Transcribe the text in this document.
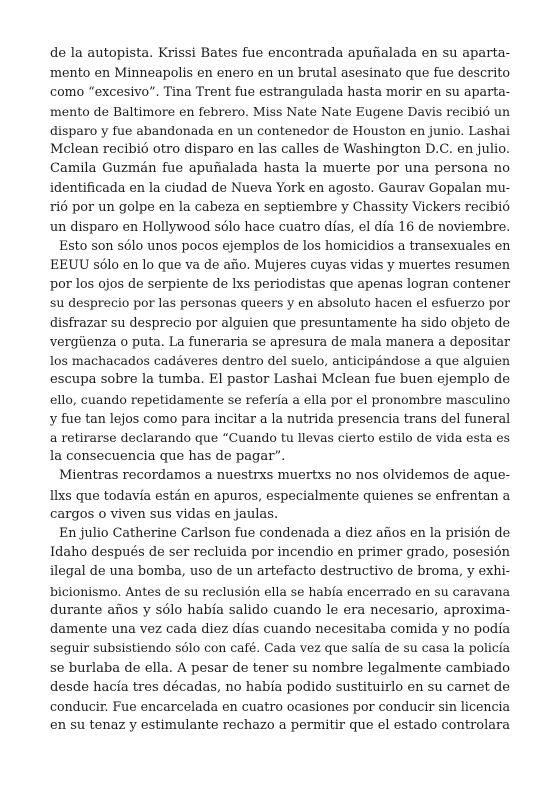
de la autopista. Krissi Bates fue encontrada apuñalada en su aparta-
mento en Minneapolis en enero en un brutal asesinato que fue descrito
como “excesivo”. Tina Trent fue estrangulada hasta morir en su aparta-
mento de Baltimore en febrero. Miss Nate Nate Eugene Davis recibió un
disparo y fue abandonada en un contenedor de Houston en junio. Lashai
Mclean recibió otro disparo en las calles de Washington D.C. en julio.
Camila Guzmán fue apuñalada hasta la muerte por una persona no
identificada en la ciudad de Nueva York en agosto. Gaurav Gopalan mu-
rió por un golpe en la cabeza en septiembre y Chassity Vickers recibió
un disparo en Hollywood sólo hace cuatro días, el día 16 de noviembre.
Esto son sólo unos pocos ejemplos de los homicidios a transexuales en
EEUU sólo en lo que va de año. Mujeres cuyas vidas y muertes resumen
por los ojos de serpiente de lxs periodistas que apenas logran contener
su desprecio por las personas queers y en absoluto hacen el esfuerzo por
disfrazar su desprecio por alguien que presuntamente ha sido objeto de
vergüenza o puta. La funeraria se apresura de mala manera a depositar
los machacados cadáveres dentro del suelo, anticipándose a que alguien
escupa sobre la tumba. El pastor Lashai Mclean fue buen ejemplo de
ello, cuando repetidamente se refería a ella por el pronombre masculino
y fue tan lejos como para incitar a la nutrida presencia trans del funeral
a retirarse declarando que “Cuando tu llevas cierto estilo de vida esta es
la consecuencia que has de pagar”.
Mientras recordamos a nuestrxs muertxs no nos olvidemos de aque-
llxs que todavía están en apuros, especialmente quienes se enfrentan a
cargos o viven sus vidas en jaulas.
En julio Catherine Carlson fue condenada a diez años en la prisión de
Idaho después de ser recluida por incendio en primer grado, posesión
ilegal de una bomba, uso de un artefacto destructivo de broma, y exhi-
bicionismo. Antes de su reclusión ella se había encerrado en su caravana
durante años y sólo había salido cuando le era necesario, aproxima-
damente una vez cada diez días cuando necesitaba comida y no podía
seguir subsistiendo sólo con café. Cada vez que salía de su casa la policía
se burlaba de ella. A pesar de tener su nombre legalmente cambiado
desde hacía tres décadas, no había podido sustituirlo en su carnet de
conducir. Fue encarcelada en cuatro ocasiones por conducir sin licencia
en su tenaz y estimulante rechazo a permitir que el estado controlara
